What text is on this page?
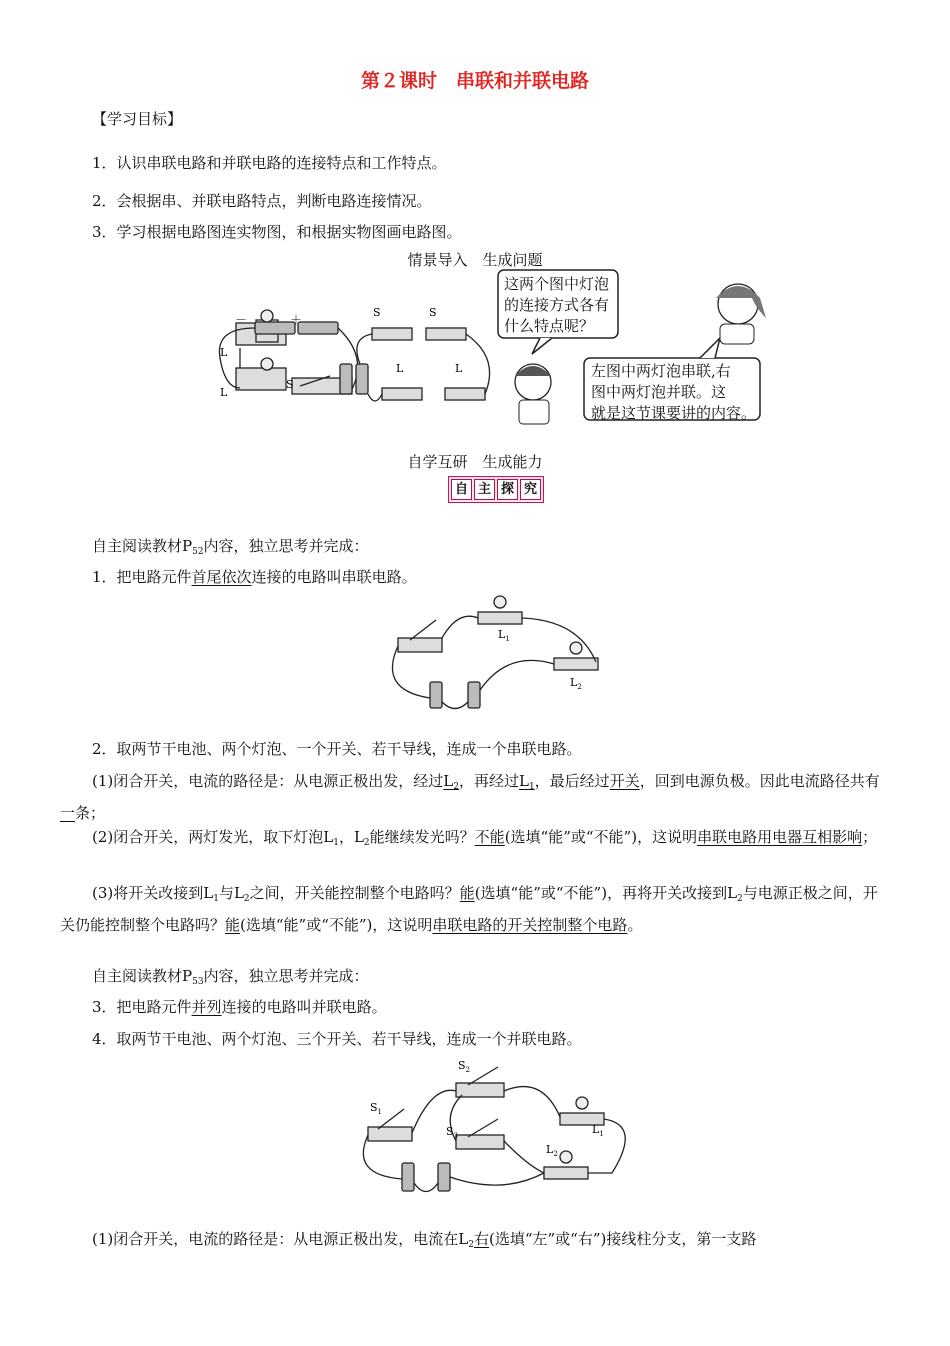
第２课时　串联和并联电路
【学习目标】
1．认识串联电路和并联电路的连接特点和工作特点。
2．会根据串、并联电路特点，判断电路连接情况。
3．学习根据电路图连实物图，和根据实物图画电路图。
情景导入　生成问题
－	＋
L
L
S
S	S
L	L
这两个图中灯泡
的连接方式各有
什么特点呢？
左图中两灯泡串联,右
图中两灯泡并联。这
就是这节课要讲的内容。
自学互研　生成能力
自 主 探 究
自主阅读教材$P_{52}$内容，独立思考并完成：
1．把电路元件首尾依次连接的电路叫串联电路。
$L_1$
$L_2$
2．取两节干电池、两个灯泡、一个开关、若干导线，连成一个串联电路。
(1)闭合开关，电流的路径是：从电源正极出发，经过$L_2$，再经过$L_1$，最后经过开关，回到电源负极。因此电流路径共有一条；
(2)闭合开关，两灯发光，取下灯泡$L_1$，$L_2$能继续发光吗？不能(选填“能”或“不能”)，这说明串联电路用电器互相影响；
(3)将开关改接到$L_1$与$L_2$之间，开关能控制整个电路吗？能(选填“能”或“不能”)，再将开关改接到$L_2$与电源正极之间，开关仍能控制整个电路吗？能(选填“能”或“不能”)，这说明串联电路的开关控制整个电路。
自主阅读教材$P_{53}$内容，独立思考并完成：
3．把电路元件并列连接的电路叫并联电路。
4．取两节干电池、两个灯泡、三个开关、若干导线，连成一个并联电路。
$S_1$
$S_2$
$S_3$	$L_1$
$L_2$
(1)闭合开关，电流的路径是：从电源正极出发，电流在$L_2$右(选填“左”或“右”)接线柱分支，第一支路
